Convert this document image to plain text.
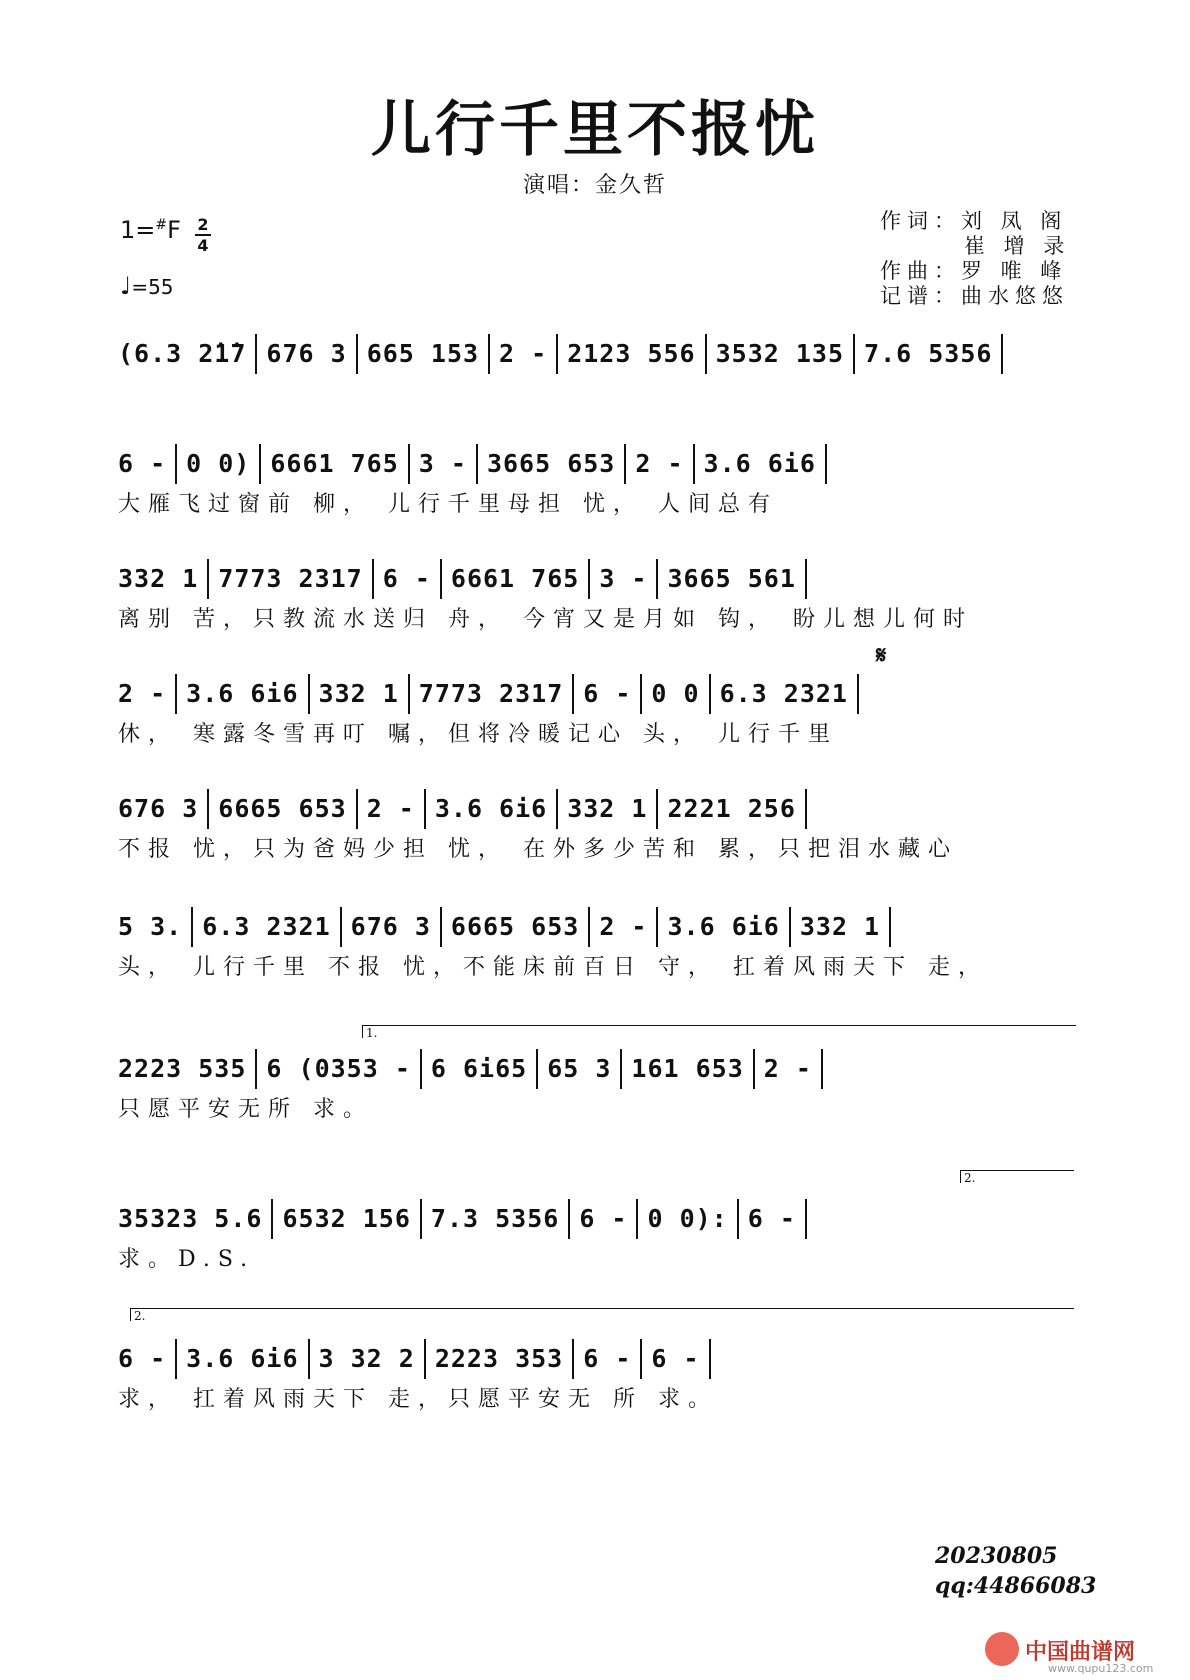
儿行千里不报忧
演唱：金久哲
作词：刘 凤 阁
崔 增 录
作曲：罗 唯 峰
记谱：曲水悠悠
1=#F 2
4
♩=55
𝄋
(6.3 2̇1̇7 676 3 665 153 2 - 2123 556 3532 135 7.6 5356
6 - 0 0) 6661 765 3 - 3665 653 2 - 3.6 6i6
大雁飞过窗前 柳， 儿行千里母担 忧， 人间总有
332 1 7773 2317 6 - 6661 765 3 - 3665 561
离别 苦，只教流水送归 舟， 今宵又是月如 钩， 盼儿想儿何时
2 - 3.6 6i6 332 1 7773 2317 6 - 0 0 6.3 2321
休， 寒露冬雪再叮 嘱，但将冷暖记心 头， 儿行千里
676 3 6665 653 2 - 3.6 6i6 332 1 2221 256
不报 忧，只为爸妈少担 忧， 在外多少苦和 累，只把泪水藏心
5 3. 6.3 2321 676 3 6665 653 2 - 3.6 6i6 332 1
头， 儿行千里 不报 忧，不能床前百日 守， 扛着风雨天下 走，
2223 535 6 (0353 - 6 6i65 65 3 161 653 2 -
只愿平安无所 求。
35323 5.6 6532 156 7.3 5356 6 - 0 0): 6 -
求。D.S.
6 - 3.6 6i6 3 32 2 2223 353 6 - 6 -
求， 扛着风雨天下 走，只愿平安无 所 求。
1.
2.
2.
20230805
qq:44866083
中国曲谱网
www.qupu123.com
